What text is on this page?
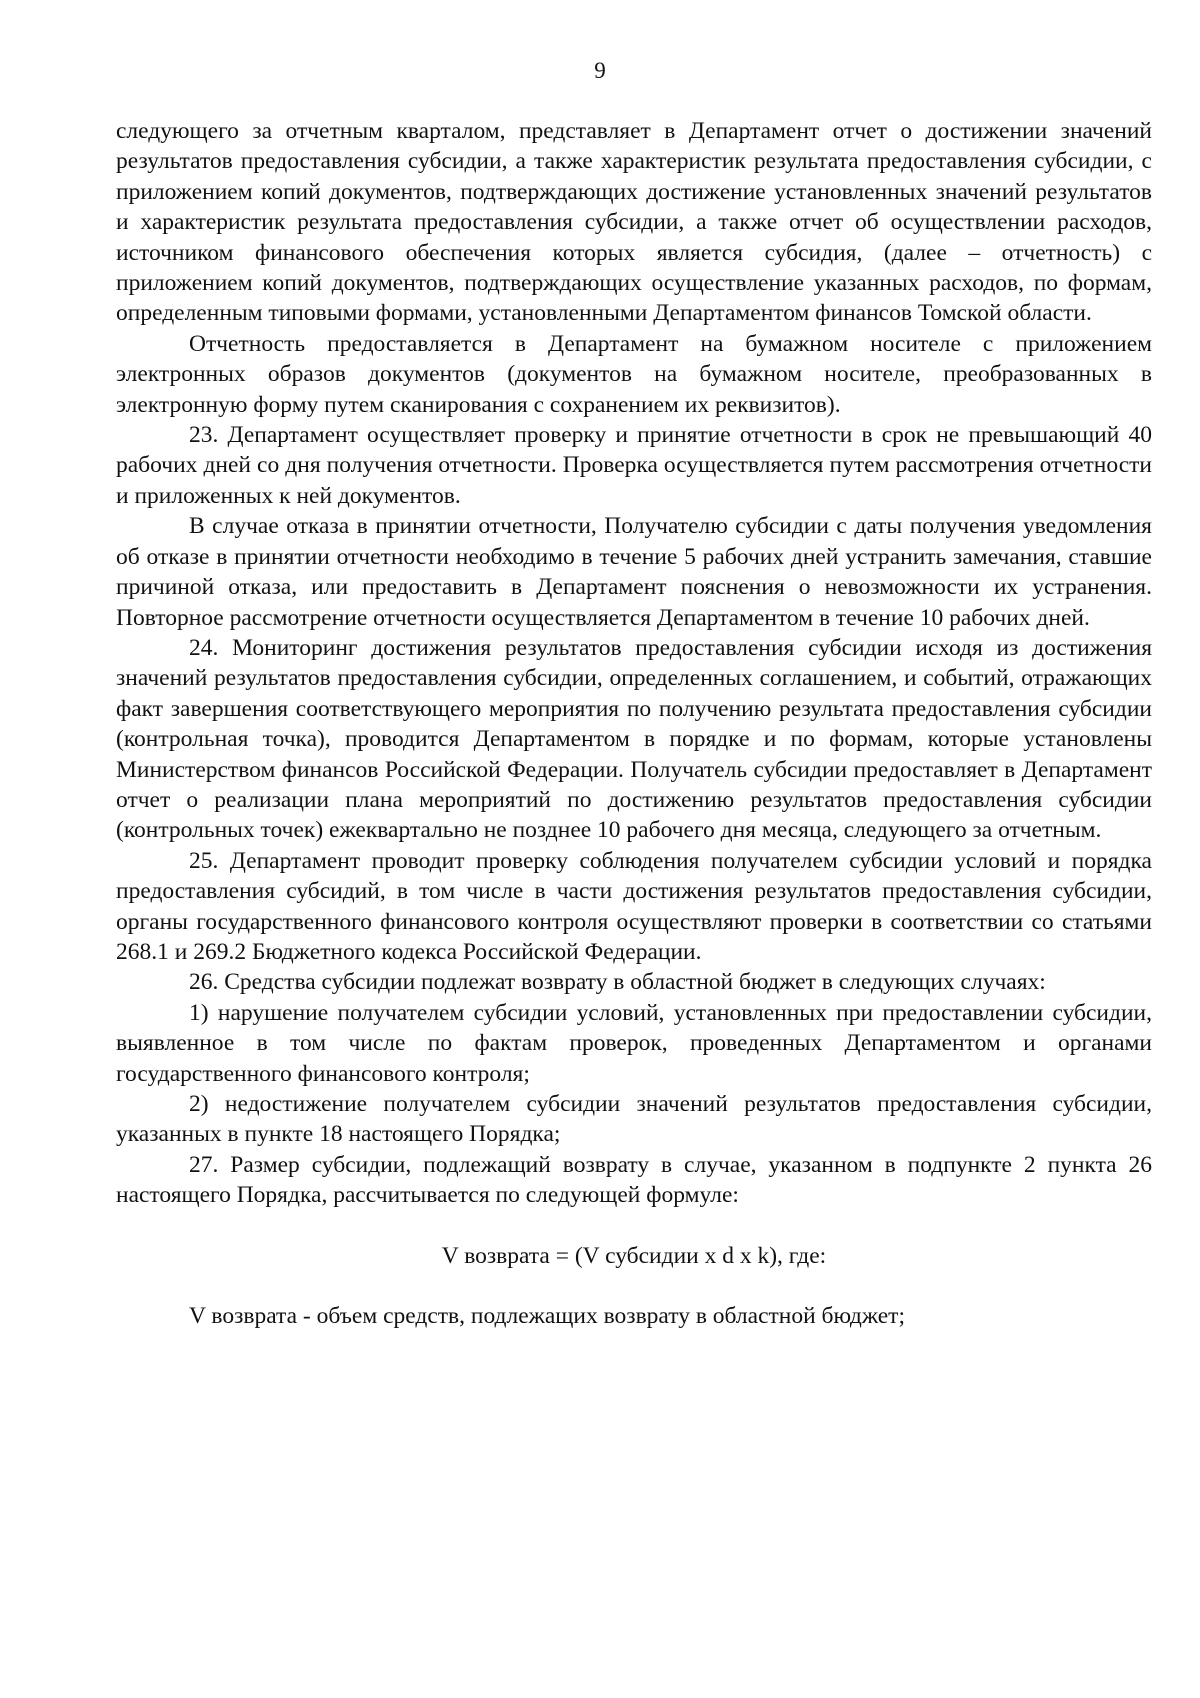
9

следующего за отчетным кварталом, представляет в Департамент отчет о достижении значений результатов предоставления субсидии, а также характеристик результата предоставления субсидии, с приложением копий документов, подтверждающих достижение установленных значений результатов и характеристик результата предоставления субсидии, а также отчет об осуществлении расходов, источником финансового обеспечения которых является субсидия, (далее – отчетность) с приложением копий документов, подтверждающих осуществление указанных расходов, по формам, определенным типовыми формами, установленными Департаментом финансов Томской области.

Отчетность предоставляется в Департамент на бумажном носителе с приложением электронных образов документов (документов на бумажном носителе, преобразованных в электронную форму путем сканирования с сохранением их реквизитов).

23. Департамент осуществляет проверку и принятие отчетности в срок не превышающий 40 рабочих дней со дня получения отчетности. Проверка осуществляется путем рассмотрения отчетности и приложенных к ней документов.

В случае отказа в принятии отчетности, Получателю субсидии с даты получения уведомления об отказе в принятии отчетности необходимо в течение 5 рабочих дней устранить замечания, ставшие причиной отказа, или предоставить в Департамент пояснения о невозможности их устранения. Повторное рассмотрение отчетности осуществляется Департаментом в течение 10 рабочих дней.

24. Мониторинг достижения результатов предоставления субсидии исходя из достижения значений результатов предоставления субсидии, определенных соглашением, и событий, отражающих факт завершения соответствующего мероприятия по получению результата предоставления субсидии (контрольная точка), проводится Департаментом в порядке и по формам, которые установлены Министерством финансов Российской Федерации. Получатель субсидии предоставляет в Департамент отчет о реализации плана мероприятий по достижению результатов предоставления субсидии (контрольных точек) ежеквартально не позднее 10 рабочего дня месяца, следующего за отчетным.

25. Департамент проводит проверку соблюдения получателем субсидии условий и порядка предоставления субсидий, в том числе в части достижения результатов предоставления субсидии, органы государственного финансового контроля осуществляют проверки в соответствии со статьями 268.1 и 269.2 Бюджетного кодекса Российской Федерации.

26. Средства субсидии подлежат возврату в областной бюджет в следующих случаях:

1) нарушение получателем субсидии условий, установленных при предоставлении субсидии, выявленное в том числе по фактам проверок, проведенных Департаментом и органами государственного финансового контроля;

2) недостижение получателем субсидии значений результатов предоставления субсидии, указанных в пункте 18 настоящего Порядка;

27. Размер субсидии, подлежащий возврату в случае, указанном в подпункте 2 пункта 26 настоящего Порядка, рассчитывается по следующей формуле:

V возврата = (V субсидии x d x k), где:

V возврата - объем средств, подлежащих возврату в областной бюджет;
